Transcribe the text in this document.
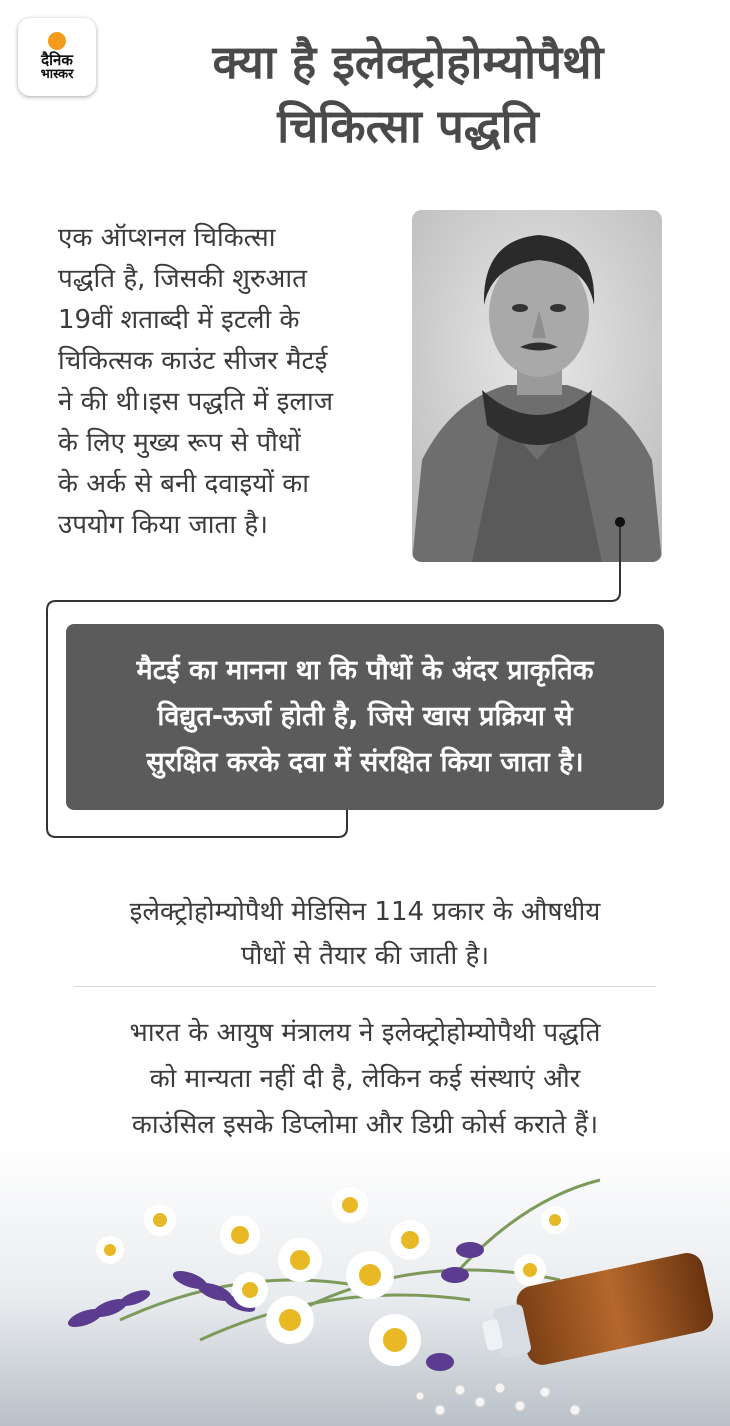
दैनिक
भास्कर	क्या है इलेक्ट्रोहोम्योपैथी
चिकित्सा पद्धति
एक ऑप्शनल चिकित्सा
पद्धति है, जिसकी शुरुआत
19वीं शताब्दी में इटली के
चिकित्सक काउंट सीजर मैटई
ने की थी।इस पद्धति में इलाज
के लिए मुख्य रूप से पौधों
के अर्क से बनी दवाइयों का
उपयोग किया जाता है।
मैटई का मानना था कि पौधों के अंदर प्राकृतिक
विद्युत-ऊर्जा होती है, जिसे खास प्रक्रिया से
सुरक्षित करके दवा में संरक्षित किया जाता है।
इलेक्ट्रोहोम्योपैथी मेडिसिन 114 प्रकार के औषधीय
पौधों से तैयार की जाती है।
भारत के आयुष मंत्रालय ने इलेक्ट्रोहोम्योपैथी पद्धति
को मान्यता नहीं दी है, लेकिन कई संस्थाएं और
काउंसिल इसके डिप्लोमा और डिग्री कोर्स कराते हैं।
